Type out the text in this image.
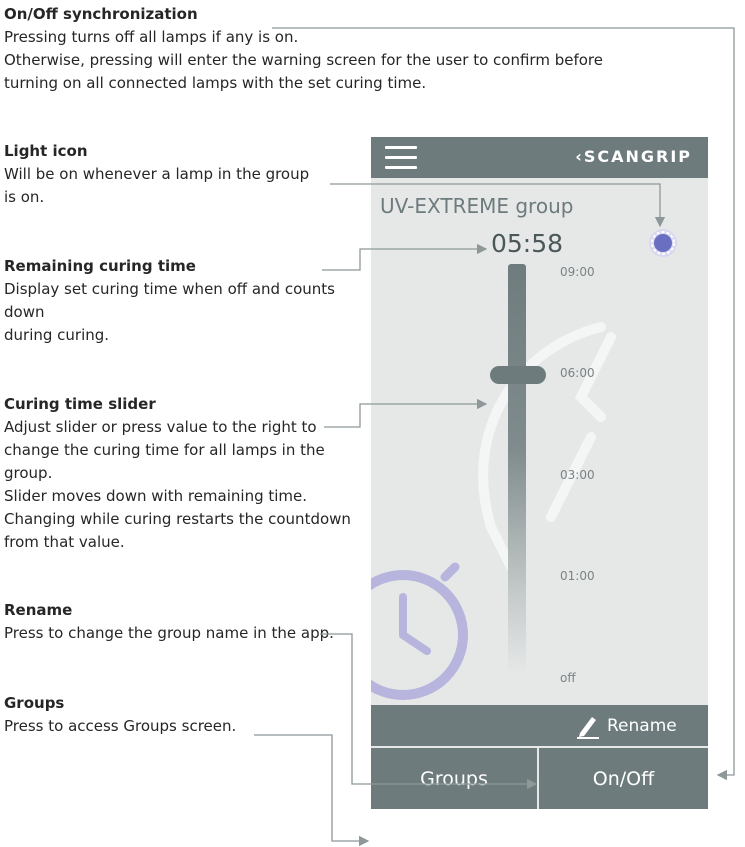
On/Off synchronization
Pressing turns off all lamps if any is on.
Otherwise, pressing will enter the warning screen for the user to confirm before
turning on all connected lamps with the set curing time.
Light icon
Will be on whenever a lamp in the group
is on.
Remaining curing time
Display set curing time when off and counts
down
during curing.
Curing time slider
Adjust slider or press value to the right to
change the curing time for all lamps in the
group.
Slider moves down with remaining time.
Changing while curing restarts the countdown
from that value.
Rename
Press to change the group name in the app.
Groups
Press to access Groups screen.
‹SCANGRIP
UV-EXTREME group
05:58
09:00
06:00
03:00
01:00
off
Rename
Groups	On/Off
